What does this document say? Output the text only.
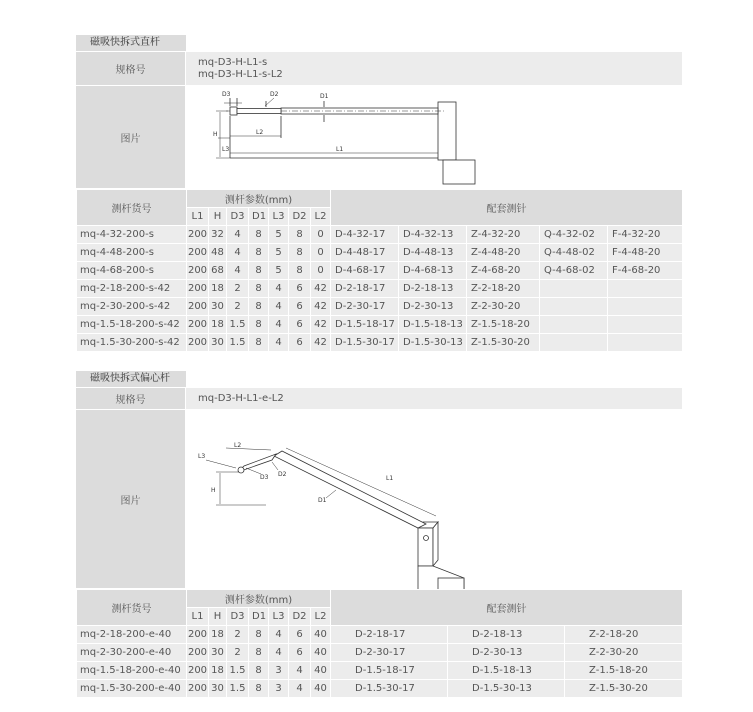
磁吸快拆式直杆
规格号
mq-D3-H-L1-s
mq-D3-H-L1-s-L2
图片
D3	D2	D1
H	L2
L3	L1
测杆货号	测杆参数(mm)							配套测针				
	L1	H	D3	D1	L3	D2	L2					
mq-4-32-200-s	200	32	4	8	5	8	0	D-4-32-17	D-4-32-13	Z-4-32-20	Q-4-32-02	F-4-32-20
mq-4-48-200-s	200	48	4	8	5	8	0	D-4-48-17	D-4-48-13	Z-4-48-20	Q-4-48-02	F-4-48-20
mq-4-68-200-s	200	68	4	8	5	8	0	D-4-68-17	D-4-68-13	Z-4-68-20	Q-4-68-02	F-4-68-20
mq-2-18-200-s-42	200	18	2	8	4	6	42	D-2-18-17	D-2-18-13	Z-2-18-20		
mq-2-30-200-s-42	200	30	2	8	4	6	42	D-2-30-17	D-2-30-13	Z-2-30-20		
mq-1.5-18-200-s-42	200	18	1.5	8	4	6	42	D-1.5-18-17	D-1.5-18-13	Z-1.5-18-20		
mq-1.5-30-200-s-42	200	30	1.5	8	4	6	42	D-1.5-30-17	D-1.5-30-13	Z-1.5-30-20		
磁吸快拆式偏心杆
规格号	mq-D3-H-L1-e-L2
图片
L3
L2
D3 D2
H
D1
L1
测杆货号	测杆参数(mm)							配套测针		
	L1	H	D3	D1	L3	D2	L2			
mq-2-18-200-e-40	200	18	2	8	4	6	40	D-2-18-17	D-2-18-13	Z-2-18-20
mq-2-30-200-e-40	200	30	2	8	4	6	40	D-2-30-17	D-2-30-13	Z-2-30-20
mq-1.5-18-200-e-40	200	18	1.5	8	3	4	40	D-1.5-18-17	D-1.5-18-13	Z-1.5-18-20
mq-1.5-30-200-e-40	200	30	1.5	8	3	4	40	D-1.5-30-17	D-1.5-30-13	Z-1.5-30-20
